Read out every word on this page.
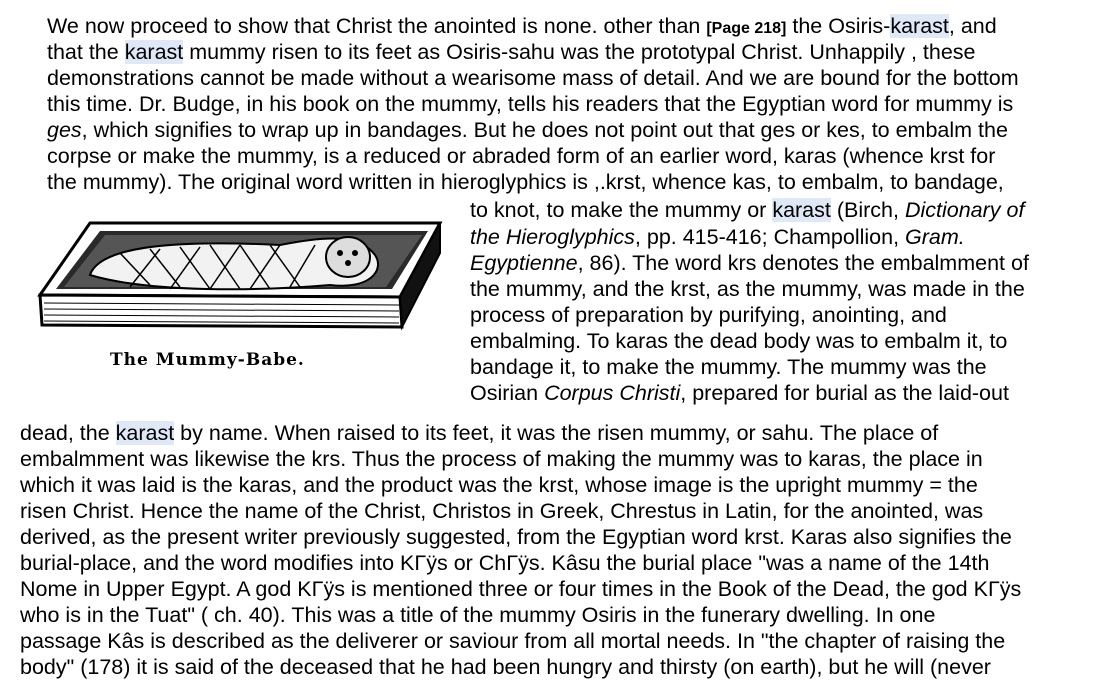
We now proceed to show that Christ the anointed is none. other than [Page 218] the Osiris-karast, and
that the karast mummy risen to its feet as Osiris-sahu was the prototypal Christ. Unhappily , these
demonstrations cannot be made without a wearisome mass of detail. And we are bound for the bottom
this time. Dr. Budge, in his book on the mummy, tells his readers that the Egyptian word for mummy is
ges, which signifies to wrap up in bandages. But he does not point out that ges or kes, to embalm the
corpse or make the mummy, is a reduced or abraded form of an earlier word, karas (whence krst for
the mummy). The original word written in hieroglyphics is ,.krst, whence kas, to embalm, to bandage,
The Mummy-Babe.
to knot, to make the mummy or karast (Birch, Dictionary of
the Hieroglyphics, pp. 415-416; Champollion, Gram.
Egyptienne, 86). The word krs denotes the embalmment of
the mummy, and the krst, as the mummy, was made in the
process of preparation by purifying, anointing, and
embalming. To karas the dead body was to embalm it, to
bandage it, to make the mummy. The mummy was the
Osirian Corpus Christi, prepared for burial as the laid-out
dead, the karast by name. When raised to its feet, it was the risen mummy, or sahu. The place of
embalmment was likewise the krs. Thus the process of making the mummy was to karas, the place in
which it was laid is the karas, and the product was the krst, whose image is the upright mummy = the
risen Christ. Hence the name of the Christ, Christos in Greek, Chrestus in Latin, for the anointed, was
derived, as the present writer previously suggested, from the Egyptian word krst. Karas also signifies the
burial-place, and the word modifies into KΓÿs or ChΓÿs. Kâsu the burial place "was a name of the 14th
Nome in Upper Egypt. A god KΓÿs is mentioned three or four times in the Book of the Dead, the god KΓÿs
who is in the Tuat" ( ch. 40). This was a title of the mummy Osiris in the funerary dwelling. In one
passage Kâs is described as the deliverer or saviour from all mortal needs. In "the chapter of raising the
body" (178) it is said of the deceased that he had been hungry and thirsty (on earth), but he will (never
